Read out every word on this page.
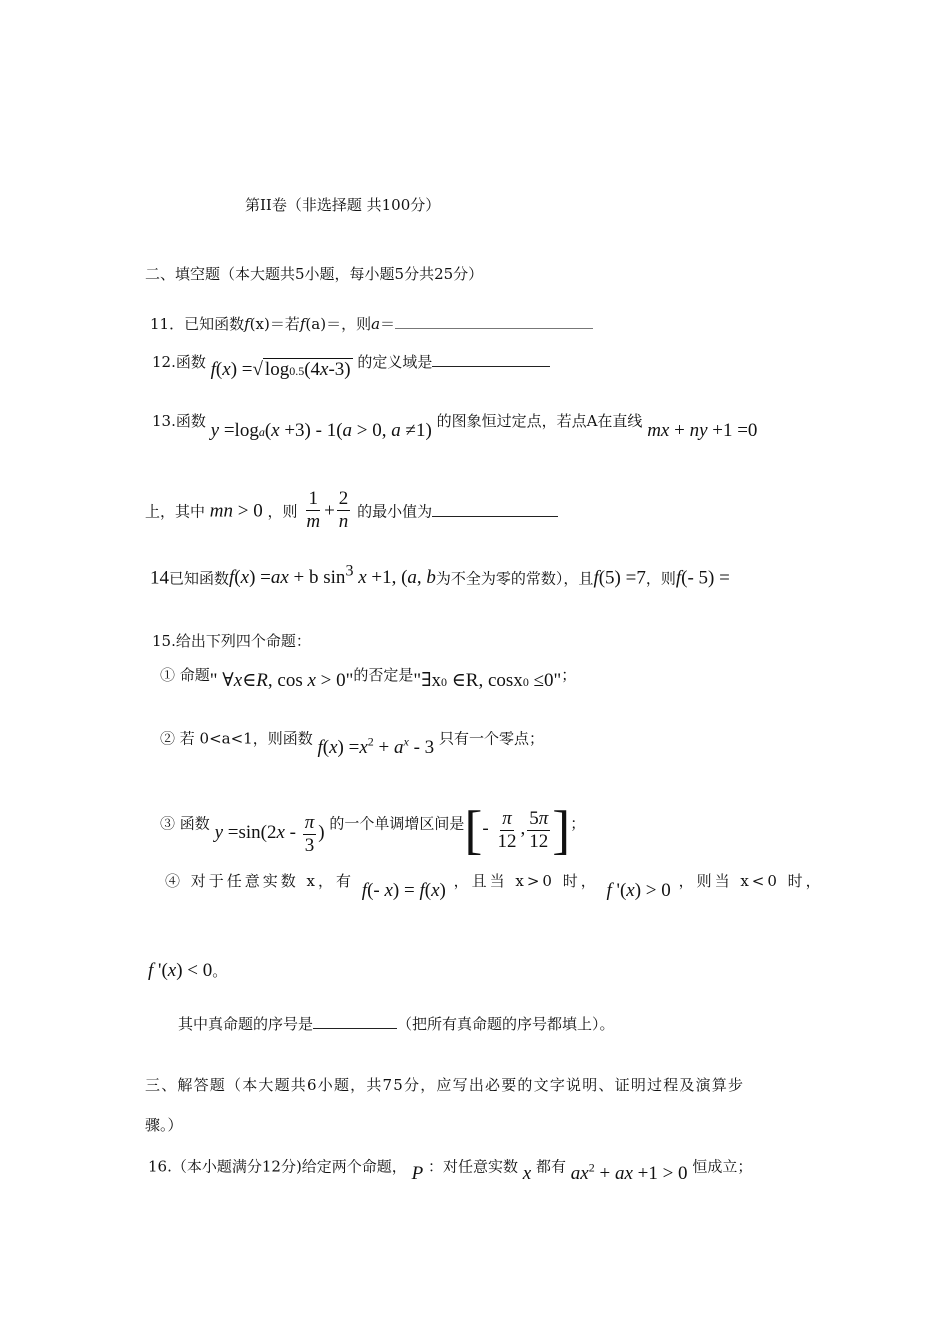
第II卷（非选择题 共100分）
二、填空题（本大题共5小题，每小题5分共25分）
11．已知函数f(x)＝若f(a)＝，则a＝
12.函数 f(x) =√ log0.5(4x-3) 的定义域是
13.函数 y =loga(x +3) - 1(a > 0, a ≠1) 的图象恒过定点，若点A在直线 mx + ny +1 =0
上，其中 mn > 0 ，则 $\frac{1}{m} + \frac{2}{n}$ 的最小值为
14已知函数f(x) =ax + b $\sin^3 x +1$, (a, b为不全为零的常数），且f(5) =7，则f(- 5) =
15.给出下列四个命题：
① 命题" ∀x∈R, cos x > 0"的否定是"∃x0 ∈R, cosx0 ≤0"；
② 若 0<a<1，则函数 $f(x) =x^2 + a^x - 3$ 只有一个零点；
③ 函数 $y =\sin(2x - \frac{\pi}{3}$ ) 的一个单调增区间是[- $\frac{\pi}{12}$ , $\frac{5\pi}{12}$ ]；
④ 对于任意实数 x，有 f(- x) = f(x) ，且当 x>0 时， f '(x) > 0 ，则当 x<0 时，
f '(x) < 0。
其中真命题的序号是	（把所有真命题的序号都填上）。
三、解答题（本大题共6小题，共75分，应写出必要的文字说明、证明过程及演算步
骤。）
16.（本小题满分12分)给定两个命题， P ：对任意实数 x 都有 $ax^2$ + ax +1 > 0 恒成立；
